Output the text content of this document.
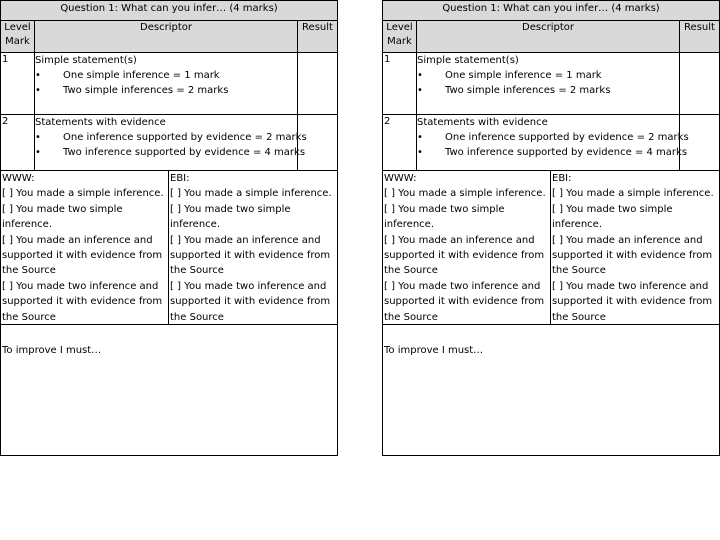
Question 1: What can you infer… (4 marks)
Level
Mark
Descriptor	Result
1	Simple statement(s)
• One simple inference = 1 mark
• Two simple inferences = 2 marks
2	Statements with evidence
• One inference supported by evidence = 2 marks
• Two inference supported by evidence = 4 marks
WWW:
[ ] You made a simple inference.
[ ] You made two simple
inference.
[ ] You made an inference and
supported it with evidence from
the Source
[ ] You made two inference and
supported it with evidence from
the Source
EBI:
[ ] You made a simple inference.
[ ] You made two simple
inference.
[ ] You made an inference and
supported it with evidence from
the Source
[ ] You made two inference and
supported it with evidence from
the Source
To improve I must…
Question 1: What can you infer… (4 marks)
Level
Mark
Descriptor	Result
1	Simple statement(s)
• One simple inference = 1 mark
• Two simple inferences = 2 marks
2	Statements with evidence
• One inference supported by evidence = 2 marks
• Two inference supported by evidence = 4 marks
WWW:
[ ] You made a simple inference.
[ ] You made two simple
inference.
[ ] You made an inference and
supported it with evidence from
the Source
[ ] You made two inference and
supported it with evidence from
the Source
EBI:
[ ] You made a simple inference.
[ ] You made two simple
inference.
[ ] You made an inference and
supported it with evidence from
the Source
[ ] You made two inference and
supported it with evidence from
the Source
To improve I must…
